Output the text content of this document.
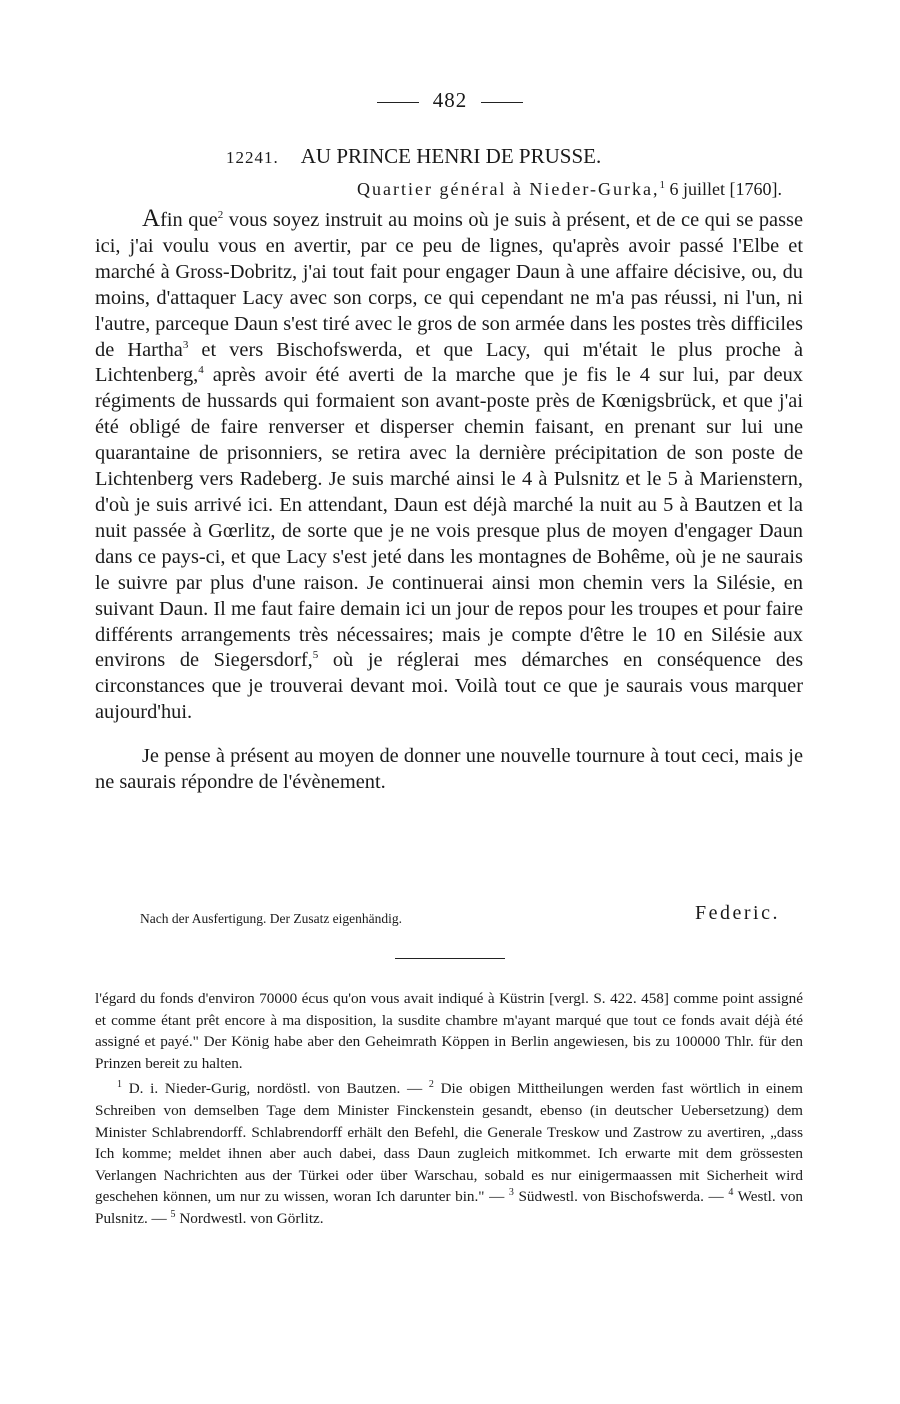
482
12241. AU PRINCE HENRI DE PRUSSE.
Quartier général à Nieder-Gurka,$^1$ 6 juillet [1760].

Afin que$^2$ vous soyez instruit au moins où je suis à présent, et de ce qui se passe ici, j'ai voulu vous en avertir, par ce peu de lignes, qu'après avoir passé l'Elbe et marché à Gross-Dobritz, j'ai tout fait pour engager Daun à une affaire décisive, ou, du moins, d'attaquer Lacy avec son corps, ce qui cependant ne m'a pas réussi, ni l'un, ni l'autre, parceque Daun s'est tiré avec le gros de son armée dans les postes très difficiles de Hartha$^3$ et vers Bischofswerda, et que Lacy, qui m'était le plus proche à Lichtenberg,$^4$ après avoir été averti de la marche que je fis le 4 sur lui, par deux régiments de hussards qui formaient son avant-poste près de Kœnigsbrück, et que j'ai été obligé de faire renverser et disperser chemin faisant, en prenant sur lui une quarantaine de prisonniers, se retira avec la dernière précipitation de son poste de Lichtenberg vers Radeberg. Je suis marché ainsi le 4 à Pulsnitz et le 5 à Marienstern, d'où je suis arrivé ici. En attendant, Daun est déjà marché la nuit au 5 à Bautzen et la nuit passée à Gœrlitz, de sorte que je ne vois presque plus de moyen d'engager Daun dans ce pays-ci, et que Lacy s'est jeté dans les montagnes de Bohême, où je ne saurais le suivre par plus d'une raison. Je continuerai ainsi mon chemin vers la Silésie, en suivant Daun. Il me faut faire demain ici un jour de repos pour les troupes et pour faire différents arrangements très nécessaires; mais je compte d'être le 10 en Silésie aux environs de Siegersdorf,$^5$ où je réglerai mes démarches en conséquence des circonstances que je trouverai devant moi. Voilà tout ce que je saurais vous marquer aujourd'hui.

Je pense à présent au moyen de donner une nouvelle tournure à tout ceci, mais je ne saurais répondre de l'évènement.

Nach der Ausfertigung. Der Zusatz eigenhändig.	Federic.

l'égard du fonds d'environ 70000 écus qu'on vous avait indiqué à Küstrin [vergl. S. 422. 458] comme point assigné et comme étant prêt encore à ma disposition, la susdite chambre m'ayant marqué que tout ce fonds avait déjà été assigné et payé." Der König habe aber den Geheimrath Köppen in Berlin angewiesen, bis zu 100000 Thlr. für den Prinzen bereit zu halten.

$^1$ D. i. Nieder-Gurig, nordöstl. von Bautzen. — $^2$ Die obigen Mittheilungen werden fast wörtlich in einem Schreiben von demselben Tage dem Minister Finckenstein gesandt, ebenso (in deutscher Uebersetzung) dem Minister Schlabrendorff. Schlabrendorff erhält den Befehl, die Generale Treskow und Zastrow zu avertiren, „dass Ich komme; meldet ihnen aber auch dabei, dass Daun zugleich mitkommet. Ich erwarte mit dem grössesten Verlangen Nachrichten aus der Türkei oder über Warschau, sobald es nur einigermaassen mit Sicherheit wird geschehen können, um nur zu wissen, woran Ich darunter bin." — $^3$ Südwestl. von Bischofswerda. — $^4$ Westl. von Pulsnitz. — $^5$ Nordwestl. von Görlitz.
